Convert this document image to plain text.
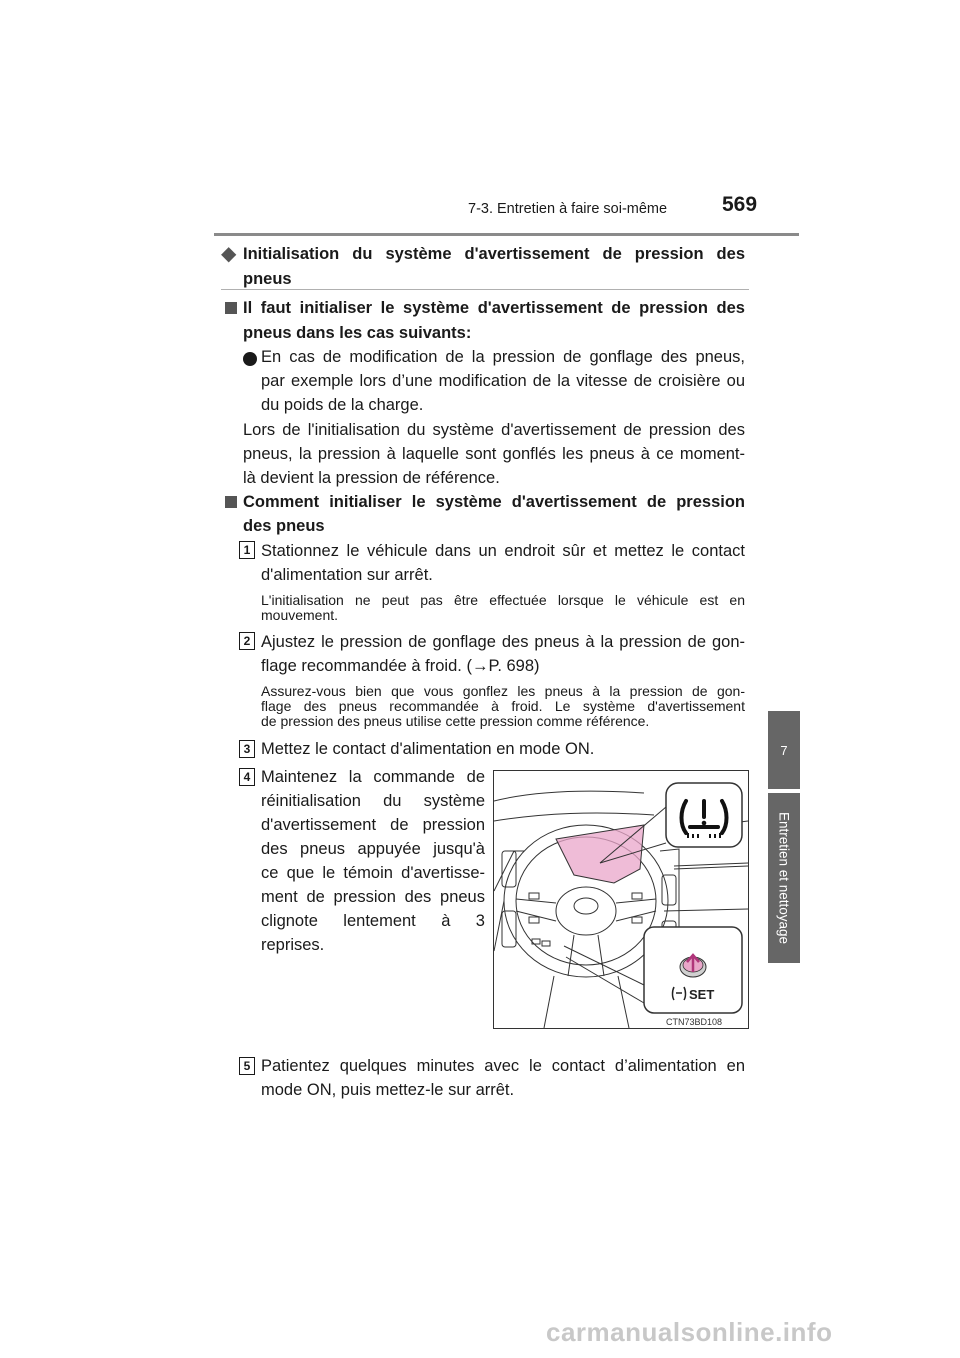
7-3. Entretien à faire soi-même	569
7
Entretien et nettoyage
◆ Initialisation du système d'avertissement de pression des pneus
Il faut initialiser le système d'avertissement de pression des
pneus dans les cas suivants:
En cas de modification de la pression de gonflage des pneus,
par exemple lors d’une modification de la vitesse de croisière ou
du poids de la charge.
Lors de l'initialisation du système d'avertissement de pression des
pneus, la pression à laquelle sont gonflés les pneus à ce moment-
là devient la pression de référence.
Comment initialiser le système d'avertissement de pression
des pneus
1 Stationnez le véhicule dans un endroit sûr et mettez le contact
d'alimentation sur arrêt.
L'initialisation ne peut pas être effectuée lorsque le véhicule est en
mouvement.
2 Ajustez le pression de gonflage des pneus à la pression de gon-
flage recommandée à froid. (→P. 698)
Assurez-vous bien que vous gonflez les pneus à la pression de gon-
flage des pneus recommandée à froid. Le système d'avertissement
de pression des pneus utilise cette pression comme référence.
3 Mettez le contact d'alimentation en mode ON.
4 Maintenez la commande de
réinitialisation du système
d'avertissement de pression
des pneus appuyée jusqu'à
ce que le témoin d'avertisse-
ment de pression des pneus
clignote lentement à 3
reprises.
SET
CTN73BD108
5 Patientez quelques minutes avec le contact d’alimentation en
mode ON, puis mettez-le sur arrêt.
carmanualsonline.info
